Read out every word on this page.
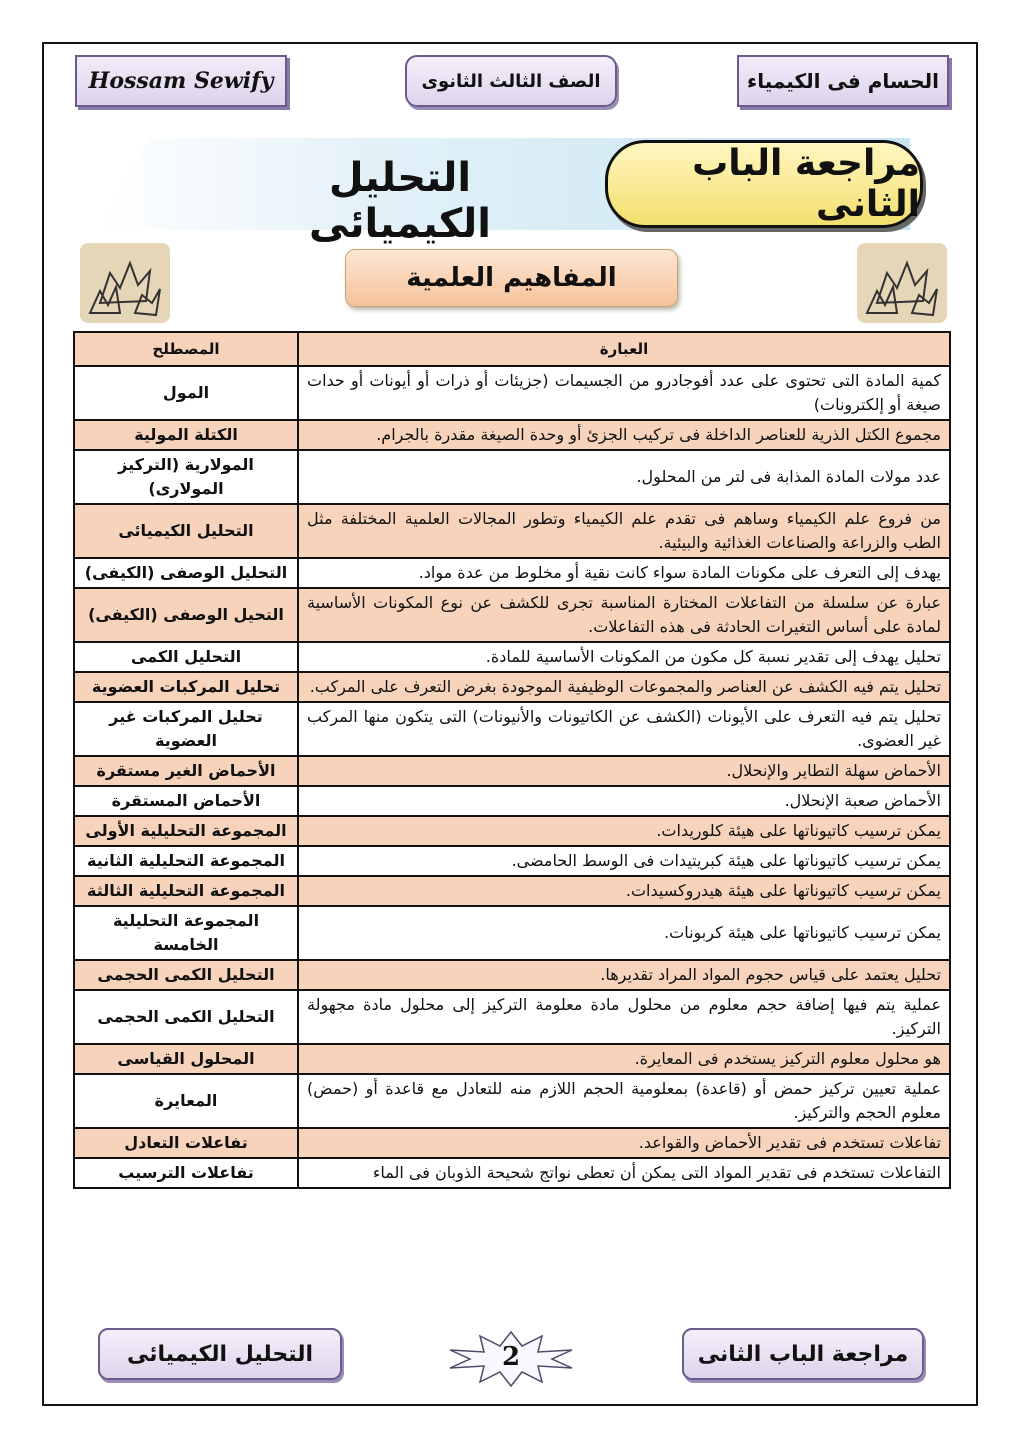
Hossam Sewify	الصف الثالث الثانوى	الحسام فى الكيمياء
التحليل الكيميائى
مراجعة الباب الثانى
المفاهيم العلمية
العبارة	المصطلح
كمية المادة التى تحتوى على عدد أفوجادرو من الجسيمات (جزيئات أو ذرات أو أيونات أو حدات صيغة أو إلكترونات)	المول
مجموع الكتل الذرية للعناصر الداخلة فى تركيب الجزئ أو وحدة الصيغة مقدرة بالجرام.	الكتلة المولية
عدد مولات المادة المذابة فى لتر من المحلول.	المولارية (التركيز المولارى)
من فروع علم الكيمياء وساهم فى تقدم علم الكيمياء وتطور المجالات العلمية المختلفة مثل الطب والزراعة والصناعات الغذائية والبيئية.	التحليل الكيميائى
يهدف إلى التعرف على مكونات المادة سواء كانت نقية أو مخلوط من عدة مواد.	التحليل الوصفى (الكيفى)
عبارة عن سلسلة من التفاعلات المختارة المناسبة تجرى للكشف عن نوع المكونات الأساسية لمادة على أساس التغيرات الحادثة فى هذه التفاعلات.	التحيل الوصفى (الكيفى)
تحليل يهدف إلى تقدير نسبة كل مكون من المكونات الأساسية للمادة.	التحليل الكمى
تحليل يتم فيه الكشف عن العناصر والمجموعات الوظيفية الموجودة بغرض التعرف على المركب.	تحليل المركبات العضوية
تحليل يتم فيه التعرف على الأيونات (الكشف عن الكاتيونات والأنيونات) التى يتكون منها المركب غير العضوى.	تحليل المركبات غير العضوية
الأحماض سهلة التطاير والإنحلال.	الأحماض الغير مستقرة
الأحماض صعبة الإنحلال.	الأحماض المستقرة
يمكن ترسيب كاتيوناتها على هيئة كلوريدات.	المجموعة التحليلية الأولى
يمكن ترسيب كاتيوناتها على هيئة كبريتيدات فى الوسط الحامضى.	المجموعة التحليلية الثانية
يمكن ترسيب كاتيوناتها على هيئة هيدروكسيدات.	المجموعة التحليلية الثالثة
يمكن ترسيب كاتيوناتها على هيئة كربونات.	المجموعة التحليلية الخامسة
تحليل يعتمد على قياس حجوم المواد المراد تقديرها.	التحليل الكمى الحجمى
عملية يتم فيها إضافة حجم معلوم من محلول مادة معلومة التركيز إلى محلول مادة مجهولة التركيز.	التحليل الكمى الحجمى
هو محلول معلوم التركيز يستخدم فى المعايرة.	المحلول القياسى
عملية تعيين تركيز حمض أو (قاعدة) بمعلومية الحجم اللازم منه للتعادل مع قاعدة أو (حمض) معلوم الحجم والتركيز.	المعايرة
تفاعلات تستخدم فى تقدير الأحماض والقواعد.	تفاعلات التعادل
التفاعلات تستخدم فى تقدير المواد التى يمكن أن تعطى نواتج شحيحة الذوبان فى الماء	تفاعلات الترسيب
التحليل الكيميائى	2	مراجعة الباب الثانى
